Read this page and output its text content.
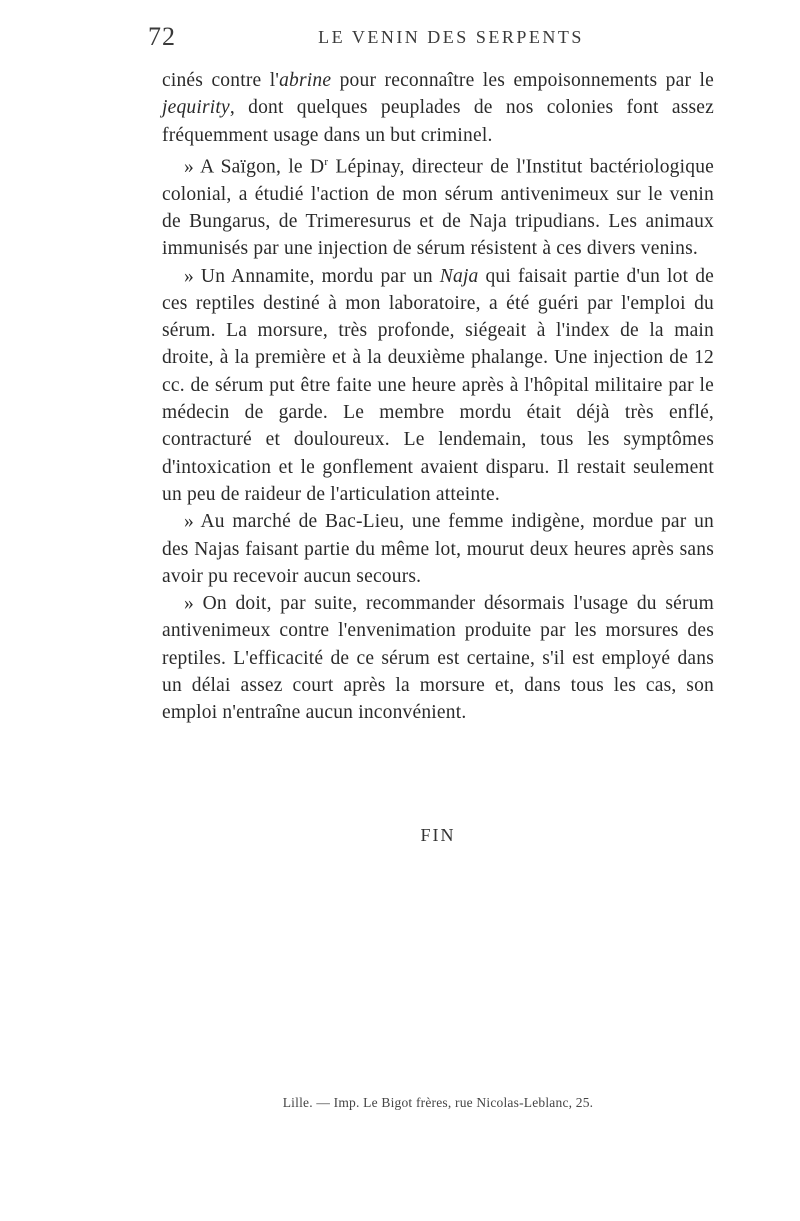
72	LE VENIN DES SERPENTS

cinés contre l'abrine pour reconnaître les empoisonnements par le jequirity, dont quelques peuplades de nos colonies font assez fréquemment usage dans un but criminel.

» A Saïgon, le $D^r$ Lépinay, directeur de l'Institut bactériologique colonial, a étudié l'action de mon sérum antivenimeux sur le venin de Bungarus, de Trimeresurus et de Naja tripudians. Les animaux immunisés par une injection de sérum résistent à ces divers venins.

» Un Annamite, mordu par un Naja qui faisait partie d'un lot de ces reptiles destiné à mon laboratoire, a été guéri par l'emploi du sérum. La morsure, très profonde, siégeait à l'index de la main droite, à la première et à la deuxième phalange. Une injection de 12 cc. de sérum put être faite une heure après à l'hôpital militaire par le médecin de garde. Le membre mordu était déjà très enflé, contracturé et douloureux. Le lendemain, tous les symptômes d'intoxication et le gonflement avaient disparu. Il restait seulement un peu de raideur de l'articulation atteinte.

» Au marché de Bac-Lieu, une femme indigène, mordue par un des Najas faisant partie du même lot, mourut deux heures après sans avoir pu recevoir aucun secours.

» On doit, par suite, recommander désormais l'usage du sérum antivenimeux contre l'envenimation produite par les morsures des reptiles. L'efficacité de ce sérum est certaine, s'il est employé dans un délai assez court après la morsure et, dans tous les cas, son emploi n'entraîne aucun inconvénient.

FIN
Lille. — Imp. Le Bigot frères, rue Nicolas-Leblanc, 25.
